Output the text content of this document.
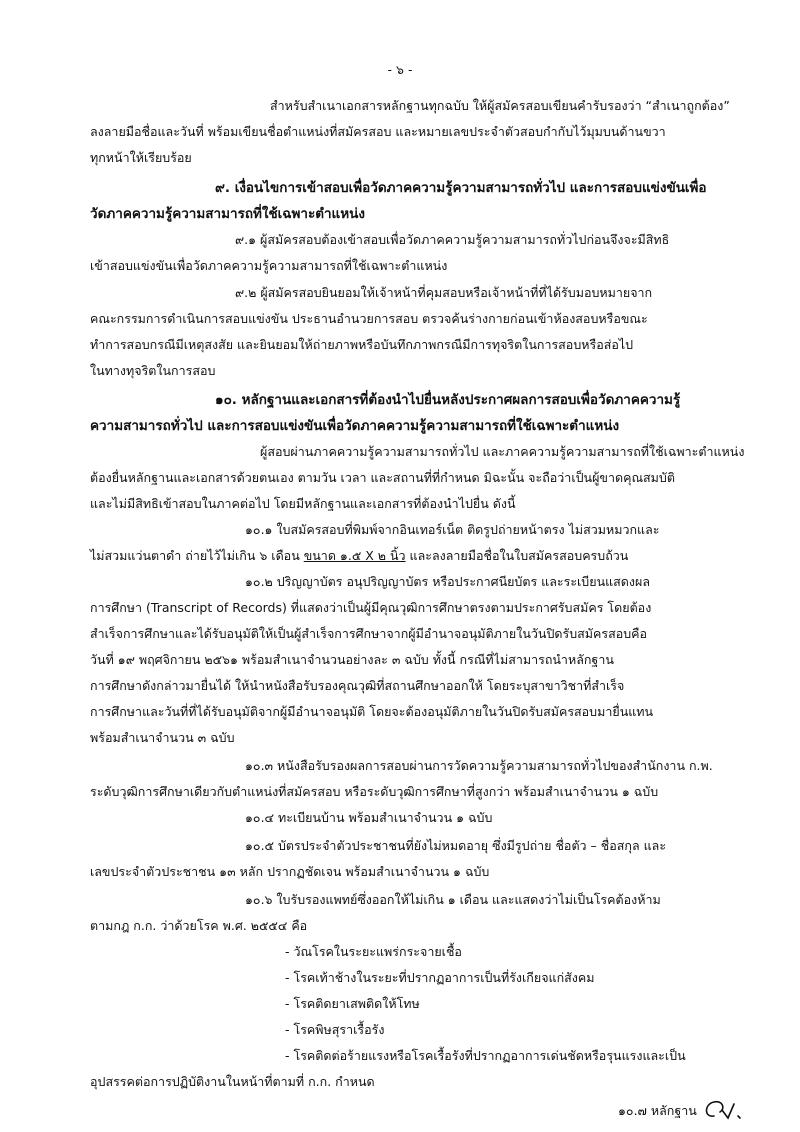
- ๖ -
สำหรับสำเนาเอกสารหลักฐานทุกฉบับ ให้ผู้สมัครสอบเขียนคำรับรองว่า “สำเนาถูกต้อง”
ลงลายมือชื่อและวันที่ พร้อมเขียนชื่อตำแหน่งที่สมัครสอบ และหมายเลขประจำตัวสอบกำกับไว้มุมบนด้านขวา
ทุกหน้าให้เรียบร้อย
๙. เงื่อนไขการเข้าสอบเพื่อวัดภาคความรู้ความสามารถทั่วไป และการสอบแข่งขันเพื่อ
วัดภาคความรู้ความสามารถที่ใช้เฉพาะตำแหน่ง
๙.๑ ผู้สมัครสอบต้องเข้าสอบเพื่อวัดภาคความรู้ความสามารถทั่วไปก่อนจึงจะมีสิทธิ
เข้าสอบแข่งขันเพื่อวัดภาคความรู้ความสามารถที่ใช้เฉพาะตำแหน่ง
๙.๒ ผู้สมัครสอบยินยอมให้เจ้าหน้าที่คุมสอบหรือเจ้าหน้าที่ที่ได้รับมอบหมายจาก
คณะกรรมการดำเนินการสอบแข่งขัน ประธานอำนวยการสอบ ตรวจค้นร่างกายก่อนเข้าห้องสอบหรือขณะ
ทำการสอบกรณีมีเหตุสงสัย และยินยอมให้ถ่ายภาพหรือบันทึกภาพกรณีมีการทุจริตในการสอบหรือส่อไป
ในทางทุจริตในการสอบ
๑๐. หลักฐานและเอกสารที่ต้องนำไปยื่นหลังประกาศผลการสอบเพื่อวัดภาคความรู้
ความสามารถทั่วไป และการสอบแข่งขันเพื่อวัดภาคความรู้ความสามารถที่ใช้เฉพาะตำแหน่ง
ผู้สอบผ่านภาคความรู้ความสามารถทั่วไป และภาคความรู้ความสามารถที่ใช้เฉพาะตำแหน่ง
ต้องยื่นหลักฐานและเอกสารด้วยตนเอง ตามวัน เวลา และสถานที่ที่กำหนด มิฉะนั้น จะถือว่าเป็นผู้ขาดคุณสมบัติ
และไม่มีสิทธิเข้าสอบในภาคต่อไป โดยมีหลักฐานและเอกสารที่ต้องนำไปยื่น ดังนี้
๑๐.๑ ใบสมัครสอบที่พิมพ์จากอินเทอร์เน็ต ติดรูปถ่ายหน้าตรง ไม่สวมหมวกและ
ไม่สวมแว่นตาดำ ถ่ายไว้ไม่เกิน ๖ เดือน ขนาด ๑.๕ X ๒ นิ้ว และลงลายมือชื่อในใบสมัครสอบครบถ้วน
๑๐.๒ ปริญญาบัตร อนุปริญญาบัตร หรือประกาศนียบัตร และระเบียนแสดงผล
การศึกษา (Transcript of Records) ที่แสดงว่าเป็นผู้มีคุณวุฒิการศึกษาตรงตามประกาศรับสมัคร โดยต้อง
สำเร็จการศึกษาและได้รับอนุมัติให้เป็นผู้สำเร็จการศึกษาจากผู้มีอำนาจอนุมัติภายในวันปิดรับสมัครสอบคือ
วันที่ ๑๙ พฤศจิกายน ๒๕๖๑ พร้อมสำเนาจำนวนอย่างละ ๓ ฉบับ ทั้งนี้ กรณีที่ไม่สามารถนำหลักฐาน
การศึกษาดังกล่าวมายื่นได้ ให้นำหนังสือรับรองคุณวุฒิที่สถานศึกษาออกให้ โดยระบุสาขาวิชาที่สำเร็จ
การศึกษาและวันที่ที่ได้รับอนุมัติจากผู้มีอำนาจอนุมัติ โดยจะต้องอนุมัติภายในวันปิดรับสมัครสอบมายื่นแทน
พร้อมสำเนาจำนวน ๓ ฉบับ
๑๐.๓ หนังสือรับรองผลการสอบผ่านการวัดความรู้ความสามารถทั่วไปของสำนักงาน ก.พ.
ระดับวุฒิการศึกษาเดียวกับตำแหน่งที่สมัครสอบ หรือระดับวุฒิการศึกษาที่สูงกว่า พร้อมสำเนาจำนวน ๑ ฉบับ
๑๐.๔ ทะเบียนบ้าน พร้อมสำเนาจำนวน ๑ ฉบับ
๑๐.๕ บัตรประจำตัวประชาชนที่ยังไม่หมดอายุ ซึ่งมีรูปถ่าย ชื่อตัว – ชื่อสกุล และ
เลขประจำตัวประชาชน ๑๓ หลัก ปรากฏชัดเจน พร้อมสำเนาจำนวน ๑ ฉบับ
๑๐.๖ ใบรับรองแพทย์ซึ่งออกให้ไม่เกิน ๑ เดือน และแสดงว่าไม่เป็นโรคต้องห้าม
ตามกฎ ก.ก. ว่าด้วยโรค พ.ศ. ๒๕๕๔ คือ
- วัณโรคในระยะแพร่กระจายเชื้อ
- โรคเท้าช้างในระยะที่ปรากฏอาการเป็นที่รังเกียจแก่สังคม
- โรคติดยาเสพติดให้โทษ
- โรคพิษสุราเรื้อรัง
- โรคติดต่อร้ายแรงหรือโรคเรื้อรังที่ปรากฏอาการเด่นชัดหรือรุนแรงและเป็น
อุปสรรคต่อการปฏิบัติงานในหน้าที่ตามที่ ก.ก. กำหนด
๑๐.๗ หลักฐาน
